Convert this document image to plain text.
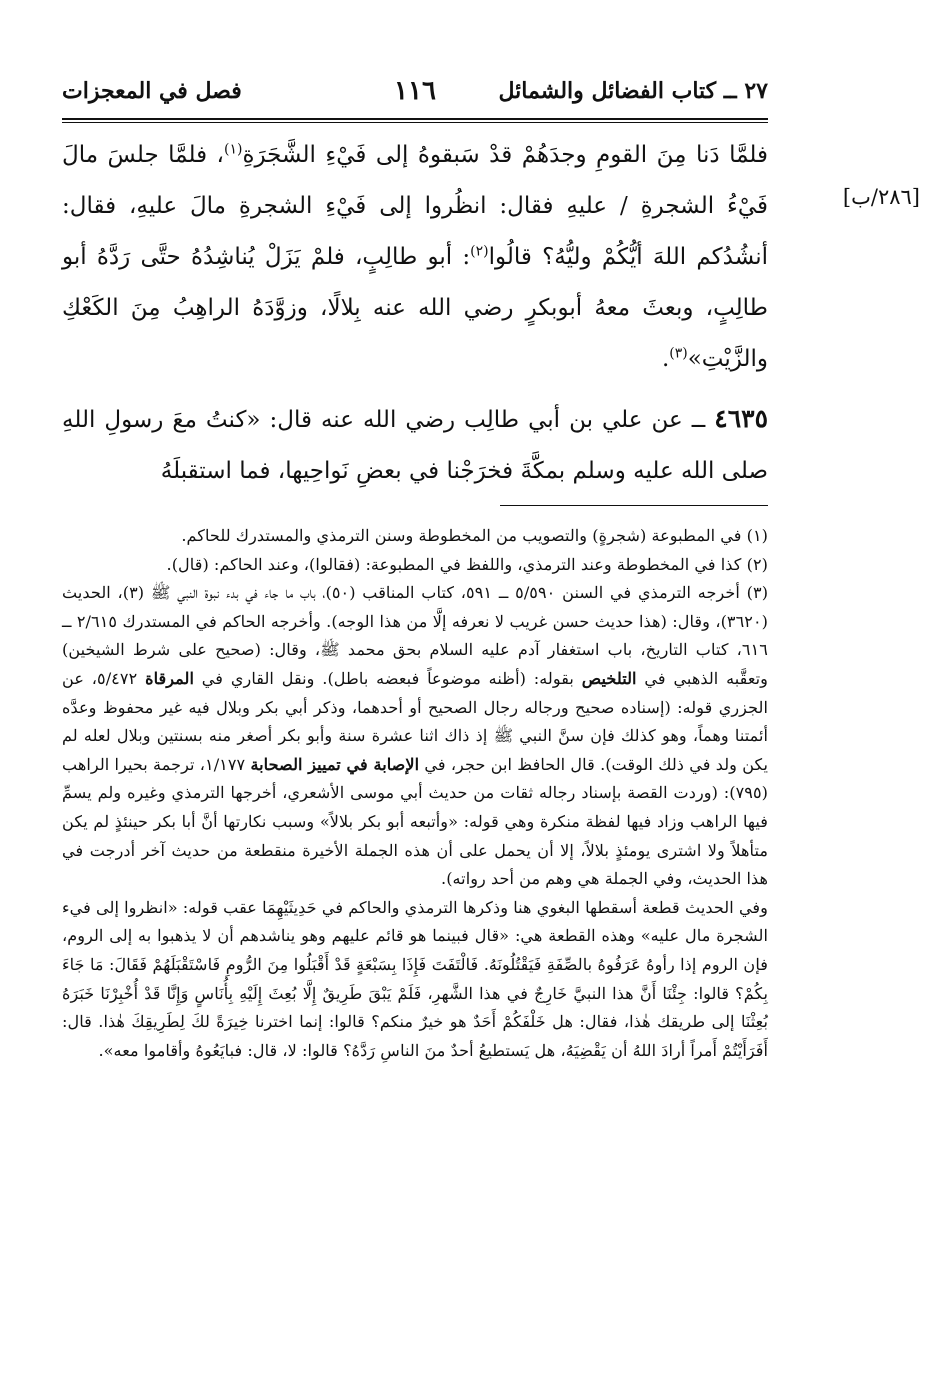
٢٧ ــ كتاب الفضائل والشمائل
١١٦
فصل في المعجزات
[٢٨٦/ب]

فلمَّا دَنا مِنَ القومِ وجدَهُمْ قدْ سَبقوهُ إلى فَيْءِ الشَّجَرَةِ$^{(١)}$، فلمَّا جلسَ مالَ فَيْءُ الشجرةِ / عليهِ فقال: انظُروا إلى فَيْءِ الشجرةِ مالَ عليهِ، فقال: أنشُدُكم اللهَ أيُّكُمْ وليُّهُ؟ قالُوا$^{(٢)}$: أبو طالِبٍ، فلمْ يَزَلْ يُناشِدُهُ حتَّى رَدَّهُ أبو طالِبٍ، وبعثَ معهُ أبوبكرٍ رضي الله عنه بِلالًا، وزوَّدَهُ الراهِبُ مِنَ الكَعْكِ والزَّيْتِ»$^{(٣)}$.

٤٦٣٥ ــ عن علي بن أبي طالِب رضي الله عنه قال: «كنتُ معَ رسولِ اللهِ صلى الله عليه وسلم بمكَّةَ فخرَجْنا في بعضِ نَواحِيها، فما استقبلَهُ

(١) في المطبوعة (شجرةٍ) والتصويب من المخطوطة وسنن الترمذي والمستدرك للحاكم.

(٢) كذا في المخطوطة وعند الترمذي، واللفظ في المطبوعة: (فقالوا)، وعند الحاكم: (قال).

(٣) أخرجه الترمذي في السنن ٥/٥٩٠ ــ ٥٩١، كتاب المناقب (٥٠)، باب ما جاء في بدء نبوة النبي ﷺ (٣)، الحديث (٣٦٢٠)، وقال: (هذا حديث حسن غريب لا نعرفه إلَّا من هذا الوجه). وأخرجه الحاكم في المستدرك ٢/٦١٥ ــ ٦١٦، كتاب التاريخ، باب استغفار آدم عليه السلام بحق محمد ﷺ، وقال: (صحيح على شرط الشيخين) وتعقَّبه الذهبي في التلخيص بقوله: (أظنه موضوعاً فبعضه باطل). ونقل القاري في المرقاة ٥/٤٧٢، عن الجزري قوله: (إسناده صحيح ورجاله رجال الصحيح أو أحدهما، وذكر أبي بكر وبلال فيه غير محفوظ وعدَّه أئمتنا وهماً، وهو كذلك فإن سنَّ النبي ﷺ إذ ذاك اثنا عشرة سنة وأبو بكر أصغر منه بسنتين وبلال لعله لم يكن ولد في ذلك الوقت). قال الحافظ ابن حجر، في الإصابة في تمييز الصحابة ١/١٧٧، ترجمة بحيرا الراهب (٧٩٥): (وردت القصة بإسناد رجاله ثقات من حديث أبي موسى الأشعري، أخرجها الترمذي وغيره ولم يسمِّ فيها الراهب وزاد فيها لفظة منكرة وهي قوله: «وأتبعه أبو بكر بلالاً» وسبب نكارتها أنَّ أبا بكر حينئذٍ لم يكن متأهلاً ولا اشترى يومئذٍ بلالاً، إلا أن يحمل على أن هذه الجملة الأخيرة منقطعة من حديث آخر أدرجت في هذا الحديث، وفي الجملة هي وهم من أحد رواته).

وفي الحديث قطعة أسقطها البغوي هنا وذكرها الترمذي والحاكم في حَدِيثَيْهِمَا عقب قوله: «انظروا إلى فيء الشجرة مال عليه» وهذه القطعة هي: «قال فبينما هو قائم عليهم وهو يناشدهم أن لا يذهبوا به إلى الروم، فإن الروم إذا رأوهُ عَرَفُوهُ بالصِّفَةِ فَيَقْتُلُونَهُ. فَالْتَفَتَ فَإِذَا بِسَبْعَةٍ قَدْ أَقْبَلُوا مِنَ الرُّومِ فَاسْتَقْبَلَهُمْ فَقَالَ: مَا جَاءَ بِكُمْ؟ قالوا: جِئْنَا أَنَّ هذا النبيَّ خَارِجٌ في هذا الشَّهرِ، فَلَمْ يَبْقَ طَرِيقٌ إِلَّا بُعِثَ إِلَيْهِ بِأُنَاسٍ وَإِنَّا قَدْ أُخْبِرْنَا خَبَرَهُ بُعِثْنَا إلى طريقك هٰذا، فقال: هل خَلْفَكُمْ أَحَدٌ هو خيرٌ منكم؟ قالوا: إنما اخترنا خِيرَةً لكَ لِطَرِيقِكَ هٰذا. قال: أَفَرَأَيْتُمْ أَمراً أرادَ اللهُ أن يَقْضِيَهُ، هل يَستطيعُ أحدٌ منَ الناسِ رَدَّهُ؟ قالوا: لا، قال: فبايَعُوهُ وأقاموا معه».
